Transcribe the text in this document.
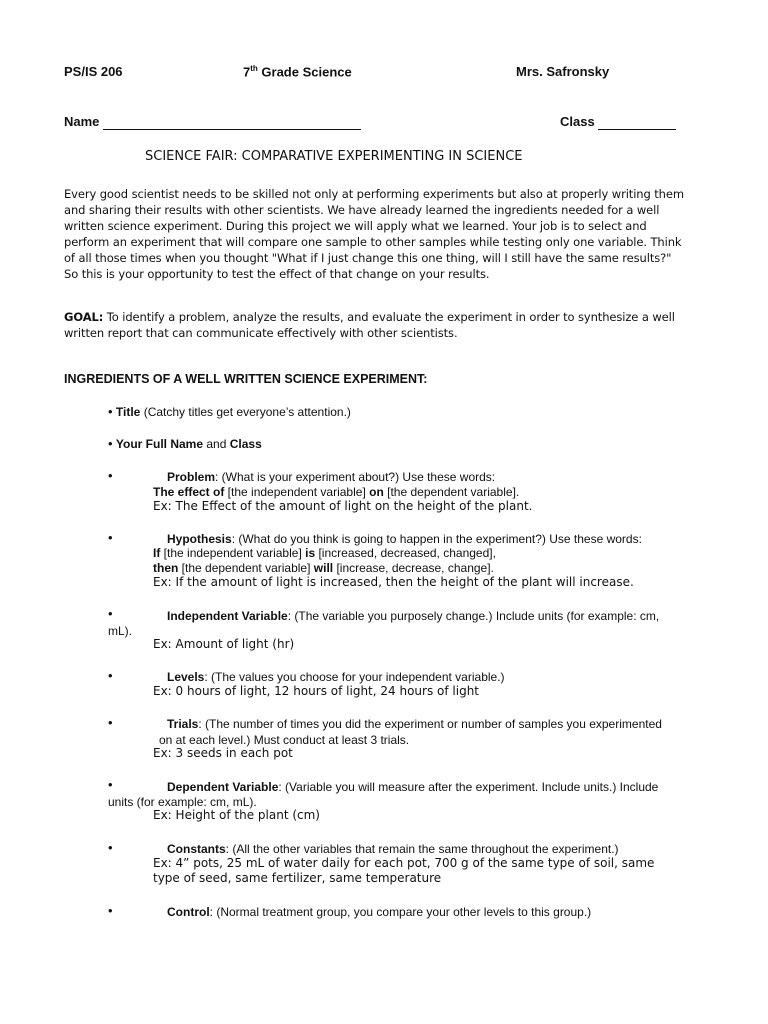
PS/IS 206	7th Grade Science	Mrs. Safronsky
Name	Class
SCIENCE FAIR: COMPARATIVE EXPERIMENTING IN SCIENCE
Every good scientist needs to be skilled not only at performing experiments but also at properly writing them
and sharing their results with other scientists. We have already learned the ingredients needed for a well
written science experiment. During this project we will apply what we learned. Your job is to select and
perform an experiment that will compare one sample to other samples while testing only one variable. Think
of all those times when you thought "What if I just change this one thing, will I still have the same results?"
So this is your opportunity to test the effect of that change on your results.
GOAL: To identify a problem, analyze the results, and evaluate the experiment in order to synthesize a well
written report that can communicate effectively with other scientists.
INGREDIENTS OF A WELL WRITTEN SCIENCE EXPERIMENT:
• Title (Catchy titles get everyone’s attention.)
• Your Full Name and Class
•	Problem: (What is your experiment about?) Use these words:
The effect of [the independent variable] on [the dependent variable].
Ex: The Effect of the amount of light on the height of the plant.
•	Hypothesis: (What do you think is going to happen in the experiment?) Use these words:
If [the independent variable] is [increased, decreased, changed],
then [the dependent variable] will [increase, decrease, change].
Ex: If the amount of light is increased, then the height of the plant will increase.
•	Independent Variable: (The variable you purposely change.) Include units (for example: cm,
mL).
Ex: Amount of light (hr)
•	Levels: (The values you choose for your independent variable.)
Ex: 0 hours of light, 12 hours of light, 24 hours of light
•	Trials: (The number of times you did the experiment or number of samples you experimented
on at each level.) Must conduct at least 3 trials.
Ex: 3 seeds in each pot
•	Dependent Variable: (Variable you will measure after the experiment. Include units.) Include
units (for example: cm, mL).
Ex: Height of the plant (cm)
•	Constants: (All the other variables that remain the same throughout the experiment.)
Ex: 4” pots, 25 mL of water daily for each pot, 700 g of the same type of soil, same
type of seed, same fertilizer, same temperature
•	Control: (Normal treatment group, you compare your other levels to this group.)
